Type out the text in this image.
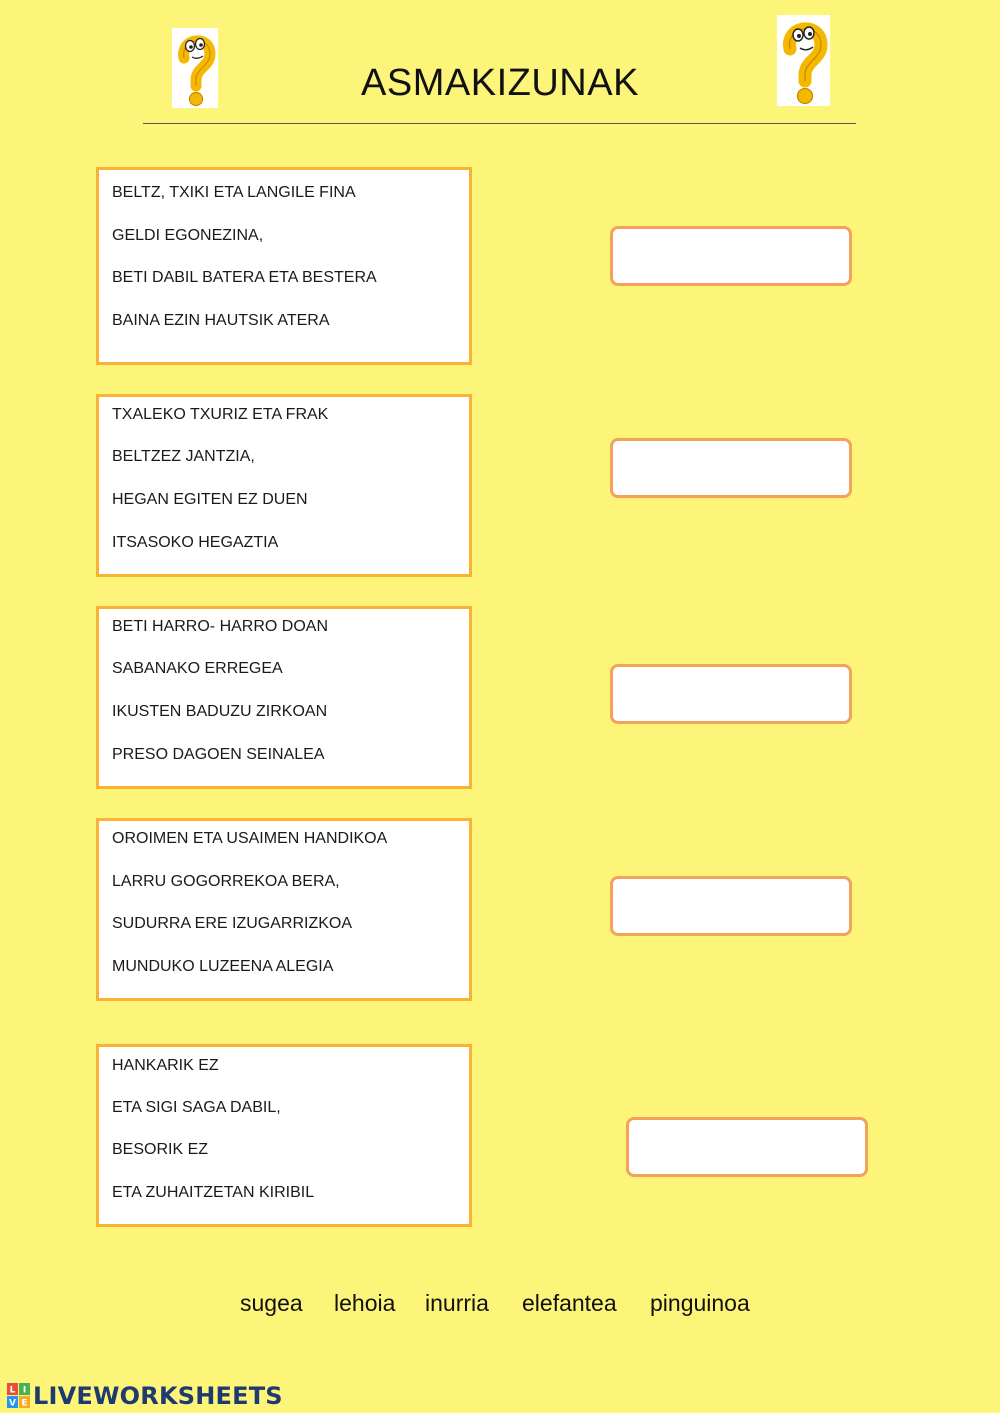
ASMAKIZUNAK
BELTZ, TXIKI ETA LANGILE FINA
GELDI EGONEZINA,
BETI DABIL BATERA ETA BESTERA
BAINA EZIN HAUTSIK ATERA
TXALEKO TXURIZ ETA FRAK
BELTZEZ JANTZIA,
HEGAN EGITEN EZ DUEN
ITSASOKO HEGAZTIA
BETI HARRO- HARRO DOAN
SABANAKO ERREGEA
IKUSTEN BADUZU ZIRKOAN
PRESO DAGOEN SEINALEA
OROIMEN ETA USAIMEN HANDIKOA
LARRU GOGORREKOA BERA,
SUDURRA ERE IZUGARRIZKOA
MUNDUKO LUZEENA ALEGIA
HANKARIK EZ
ETA SIGI SAGA DABIL,
BESORIK EZ
ETA ZUHAITZETAN KIRIBIL
sugea lehoia inurria elefantea pinguinoa
L I
V E LIVEWORKSHEETS
